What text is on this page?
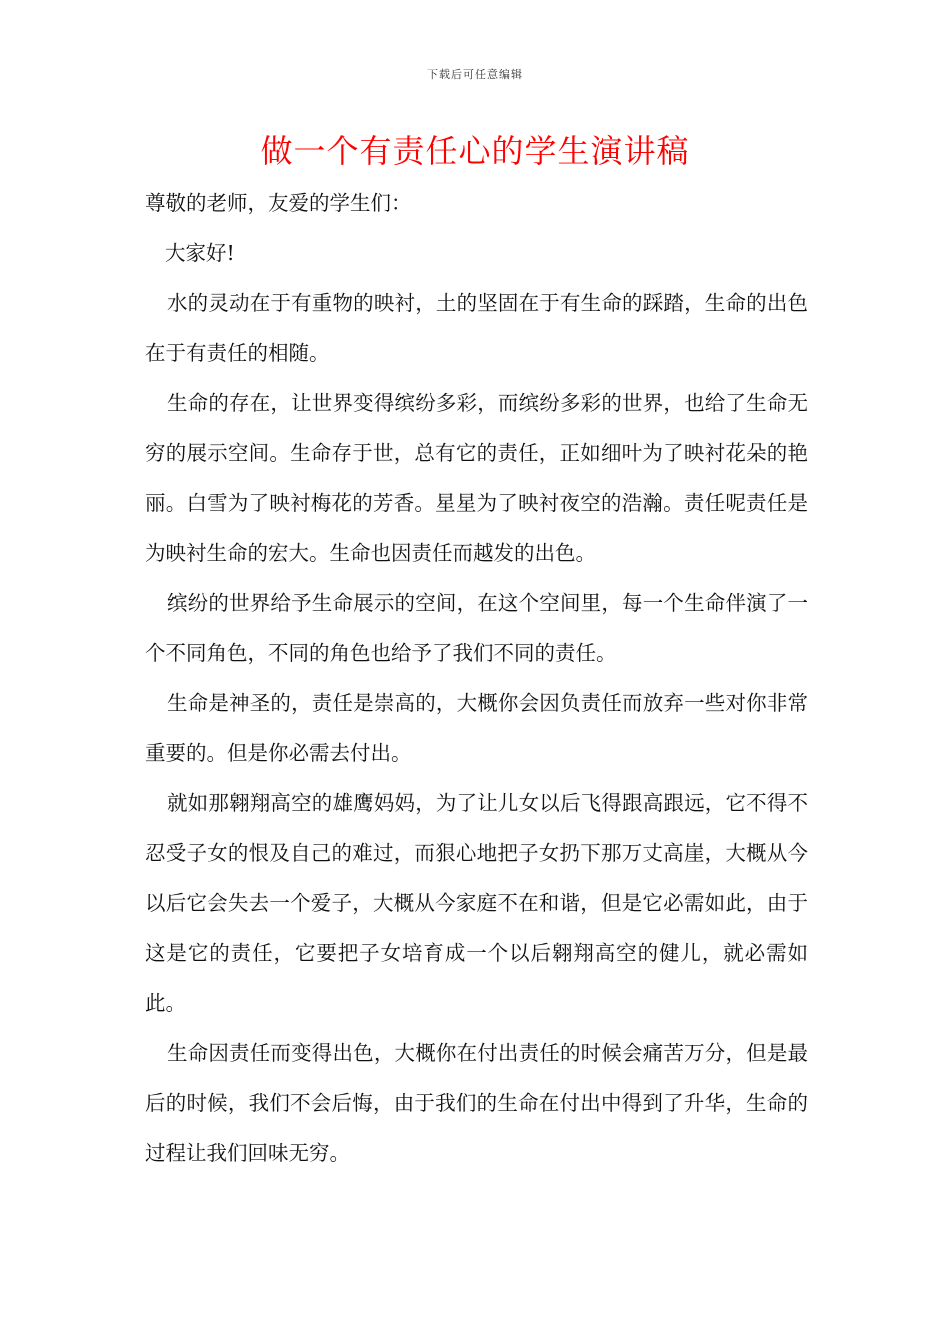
下载后可任意编辑
做一个有责任心的学生演讲稿

尊敬的老师，友爱的学生们：

大家好!

水的灵动在于有重物的映衬，土的坚固在于有生命的踩踏，生命的出色在于有责任的相随。

生命的存在，让世界变得缤纷多彩，而缤纷多彩的世界，也给了生命无穷的展示空间。生命存于世，总有它的责任，正如细叶为了映衬花朵的艳丽。白雪为了映衬梅花的芳香。星星为了映衬夜空的浩瀚。责任呢责任是为映衬生命的宏大。生命也因责任而越发的出色。

缤纷的世界给予生命展示的空间，在这个空间里，每一个生命伴演了一个不同角色，不同的角色也给予了我们不同的责任。

生命是神圣的，责任是崇高的，大概你会因负责任而放弃一些对你非常重要的。但是你必需去付出。

就如那翱翔高空的雄鹰妈妈，为了让儿女以后飞得跟高跟远，它不得不忍受子女的恨及自己的难过，而狠心地把子女扔下那万丈高崖，大概从今以后它会失去一个爱子，大概从今家庭不在和谐，但是它必需如此，由于这是它的责任，它要把子女培育成一个以后翱翔高空的健儿，就必需如此。

生命因责任而变得出色，大概你在付出责任的时候会痛苦万分，但是最后的时候，我们不会后悔，由于我们的生命在付出中得到了升华，生命的过程让我们回味无穷。
